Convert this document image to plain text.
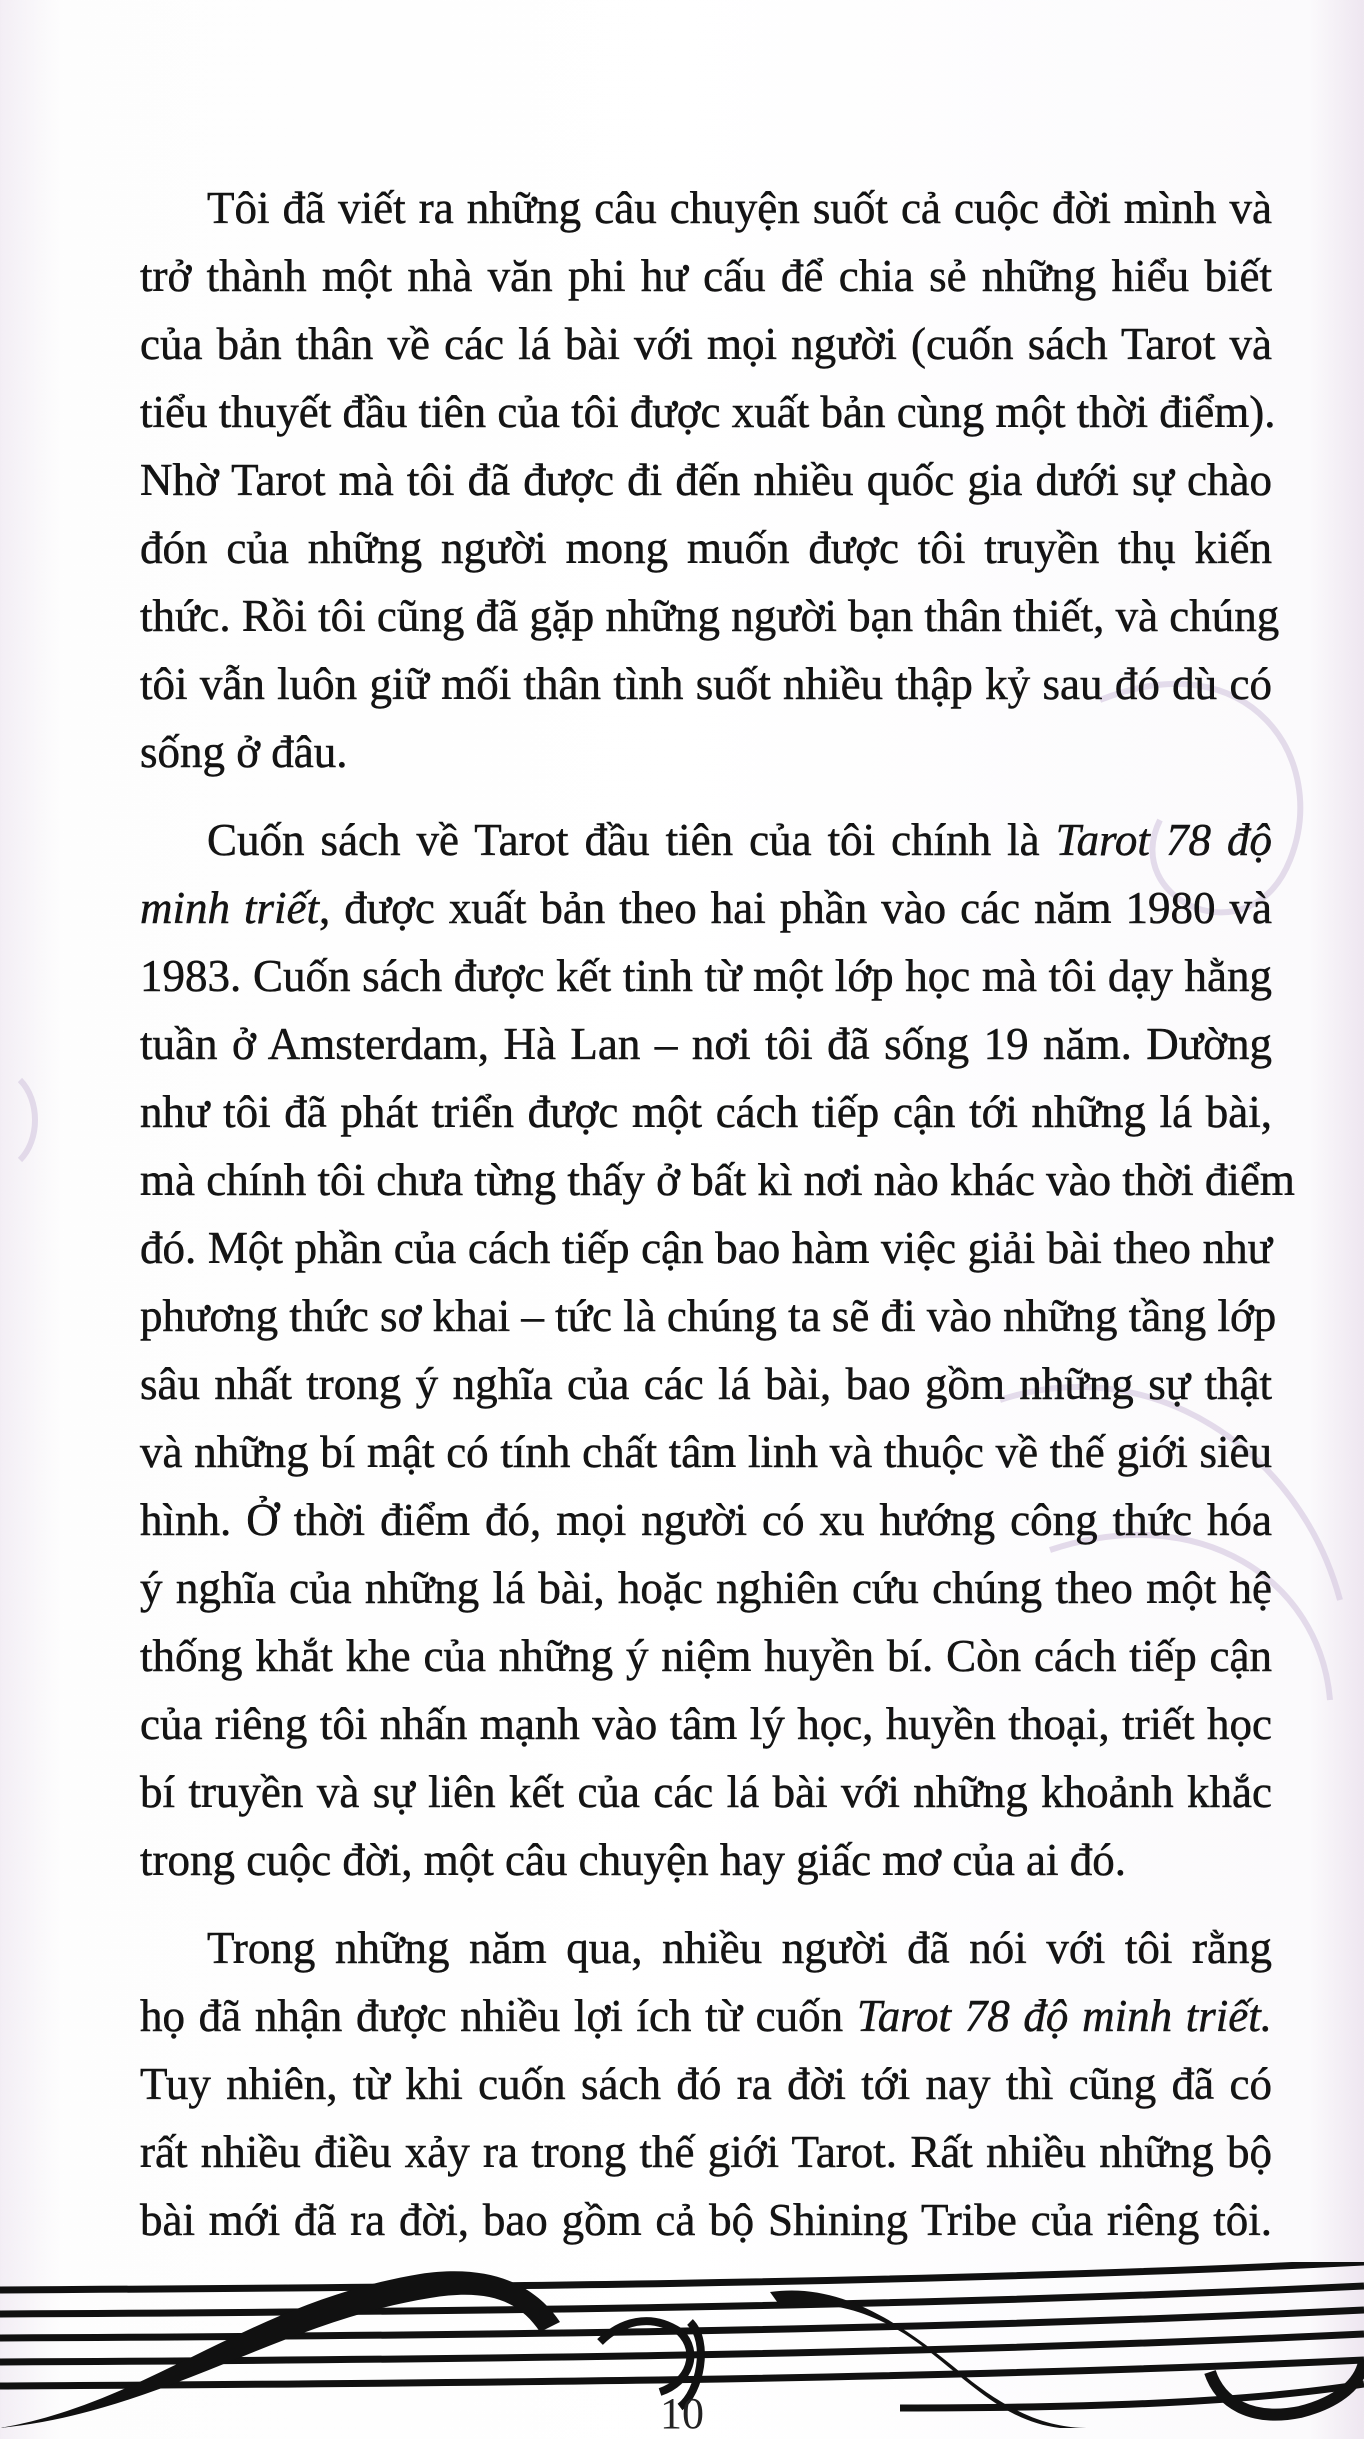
Tôi đã viết ra những câu chuyện suốt cả cuộc đời mình và
trở thành một nhà văn phi hư cấu để chia sẻ những hiểu biết
của bản thân về các lá bài với mọi người (cuốn sách Tarot và
tiểu thuyết đầu tiên của tôi được xuất bản cùng một thời điểm).
Nhờ Tarot mà tôi đã được đi đến nhiều quốc gia dưới sự chào
đón của những người mong muốn được tôi truyền thụ kiến
thức. Rồi tôi cũng đã gặp những người bạn thân thiết, và chúng
tôi vẫn luôn giữ mối thân tình suốt nhiều thập kỷ sau đó dù có
sống ở đâu.
Cuốn sách về Tarot đầu tiên của tôi chính là Tarot 78 độ
minh triết, được xuất bản theo hai phần vào các năm 1980 và
1983. Cuốn sách được kết tinh từ một lớp học mà tôi dạy hằng
tuần ở Amsterdam, Hà Lan – nơi tôi đã sống 19 năm. Dường
như tôi đã phát triển được một cách tiếp cận tới những lá bài,
mà chính tôi chưa từng thấy ở bất kì nơi nào khác vào thời điểm
đó. Một phần của cách tiếp cận bao hàm việc giải bài theo như
phương thức sơ khai – tức là chúng ta sẽ đi vào những tầng lớp
sâu nhất trong ý nghĩa của các lá bài, bao gồm những sự thật
và những bí mật có tính chất tâm linh và thuộc về thế giới siêu
hình. Ở thời điểm đó, mọi người có xu hướng công thức hóa
ý nghĩa của những lá bài, hoặc nghiên cứu chúng theo một hệ
thống khắt khe của những ý niệm huyền bí. Còn cách tiếp cận
của riêng tôi nhấn mạnh vào tâm lý học, huyền thoại, triết học
bí truyền và sự liên kết của các lá bài với những khoảnh khắc
trong cuộc đời, một câu chuyện hay giấc mơ của ai đó.
Trong những năm qua, nhiều người đã nói với tôi rằng
họ đã nhận được nhiều lợi ích từ cuốn Tarot 78 độ minh triết.
Tuy nhiên, từ khi cuốn sách đó ra đời tới nay thì cũng đã có
rất nhiều điều xảy ra trong thế giới Tarot. Rất nhiều những bộ
bài mới đã ra đời, bao gồm cả bộ Shining Tribe của riêng tôi.
10
